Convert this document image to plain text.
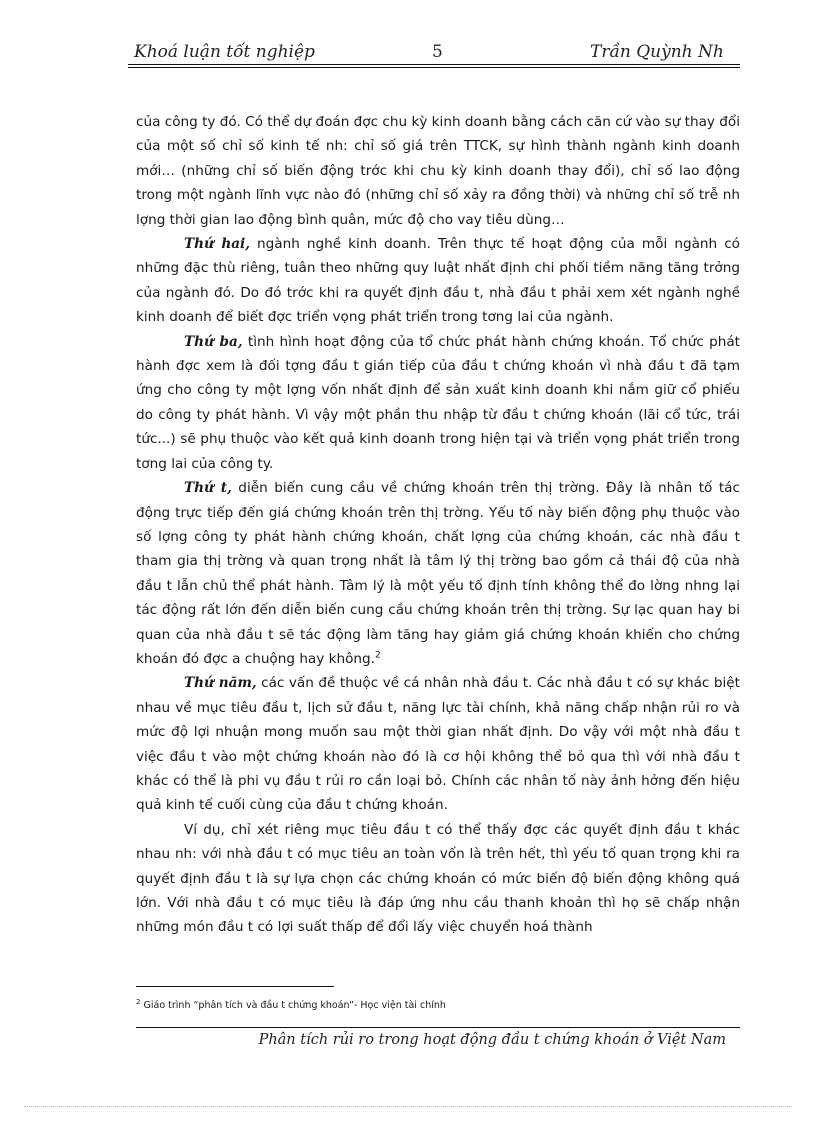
Khoá luận tốt nghiệp	5	Trần Quỳnh Nh

của công ty đó. Có thể dự đoán đợc chu kỳ kinh doanh bằng cách căn cứ vào sự thay đổi của một số chỉ số kinh tế nh: chỉ số giá trên TTCK, sự hình thành ngành kinh doanh mới… (những chỉ số biến động trớc khi chu kỳ kinh doanh thay đổi), chỉ số lao động trong một ngành lĩnh vực nào đó (những chỉ số xảy ra đồng thời) và những chỉ số trễ nh lợng thời gian lao động bình quân, mức độ cho vay tiêu dùng…

Thứ hai, ngành nghề kinh doanh. Trên thực tế hoạt động của mỗi ngành có những đặc thù riêng, tuân theo những quy luật nhất định chi phối tiềm năng tăng trởng của ngành đó. Do đó trớc khi ra quyết định đầu t, nhà đầu t phải xem xét ngành nghề kinh doanh để biết đợc triển vọng phát triển trong tơng lai của ngành.

Thứ ba, tình hình hoạt động của tổ chức phát hành chứng khoán. Tổ chức phát hành đợc xem là đối tợng đầu t gián tiếp của đầu t chứng khoán vì nhà đầu t đã tạm ứng cho công ty một lợng vốn nhất định để sản xuất kinh doanh khi nắm giữ cổ phiếu do công ty phát hành. Vì vậy một phần thu nhập từ đầu t chứng khoán (lãi cổ tức, trái tức...) sẽ phụ thuộc vào kết quả kinh doanh trong hiện tại và triển vọng phát triển trong tơng lai của công ty.

Thứ t, diễn biến cung cầu về chứng khoán trên thị trờng. Đây là nhân tố tác động trực tiếp đến giá chứng khoán trên thị trờng. Yếu tố này biến động phụ thuộc vào số lợng công ty phát hành chứng khoán, chất lợng của chứng khoán, các nhà đầu t tham gia thị trờng và quan trọng nhất là tâm lý thị trờng bao gồm cả thái độ của nhà đầu t lẫn chủ thể phát hành. Tâm lý là một yếu tố định tính không thể đo lờng nhng lại tác động rất lớn đến diễn biến cung cầu chứng khoán trên thị trờng. Sự lạc quan hay bi quan của nhà đầu t sẽ tác động làm tăng hay giảm giá chứng khoán khiến cho chứng khoán đó đợc a chuộng hay không.$^2$

Thứ năm, các vấn đề thuộc về cá nhân nhà đầu t. Các nhà đầu t có sự khác biệt nhau về mục tiêu đầu t, lịch sử đầu t, năng lực tài chính, khả năng chấp nhận rủi ro và mức độ lợi nhuận mong muốn sau một thời gian nhất định. Do vậy với một nhà đầu t việc đầu t vào một chứng khoán nào đó là cơ hội không thể bỏ qua thì với nhà đầu t khác có thể là phi vụ đầu t rủi ro cần loại bỏ. Chính các nhân tố này ảnh hởng đến hiệu quả kinh tế cuối cùng của đầu t chứng khoán.

Ví dụ, chỉ xét riêng mục tiêu đầu t có thể thấy đợc các quyết định đầu t khác nhau nh: với nhà đầu t có mục tiêu an toàn vốn là trên hết, thì yếu tố quan trọng khi ra quyết định đầu t là sự lựa chọn các chứng khoán có mức biến độ biến động không quá lớn. Với nhà đầu t có mục tiêu là đáp ứng nhu cầu thanh khoản thì họ sẽ chấp nhận những món đầu t có lợi suất thấp để đổi lấy việc chuyển hoá thành

$^2$ Giáo trình “phân tích và đầu t chứng khoán”- Học viện tài chính
Phân tích rủi ro trong hoạt động đầu t chứng khoán ở Việt Nam
